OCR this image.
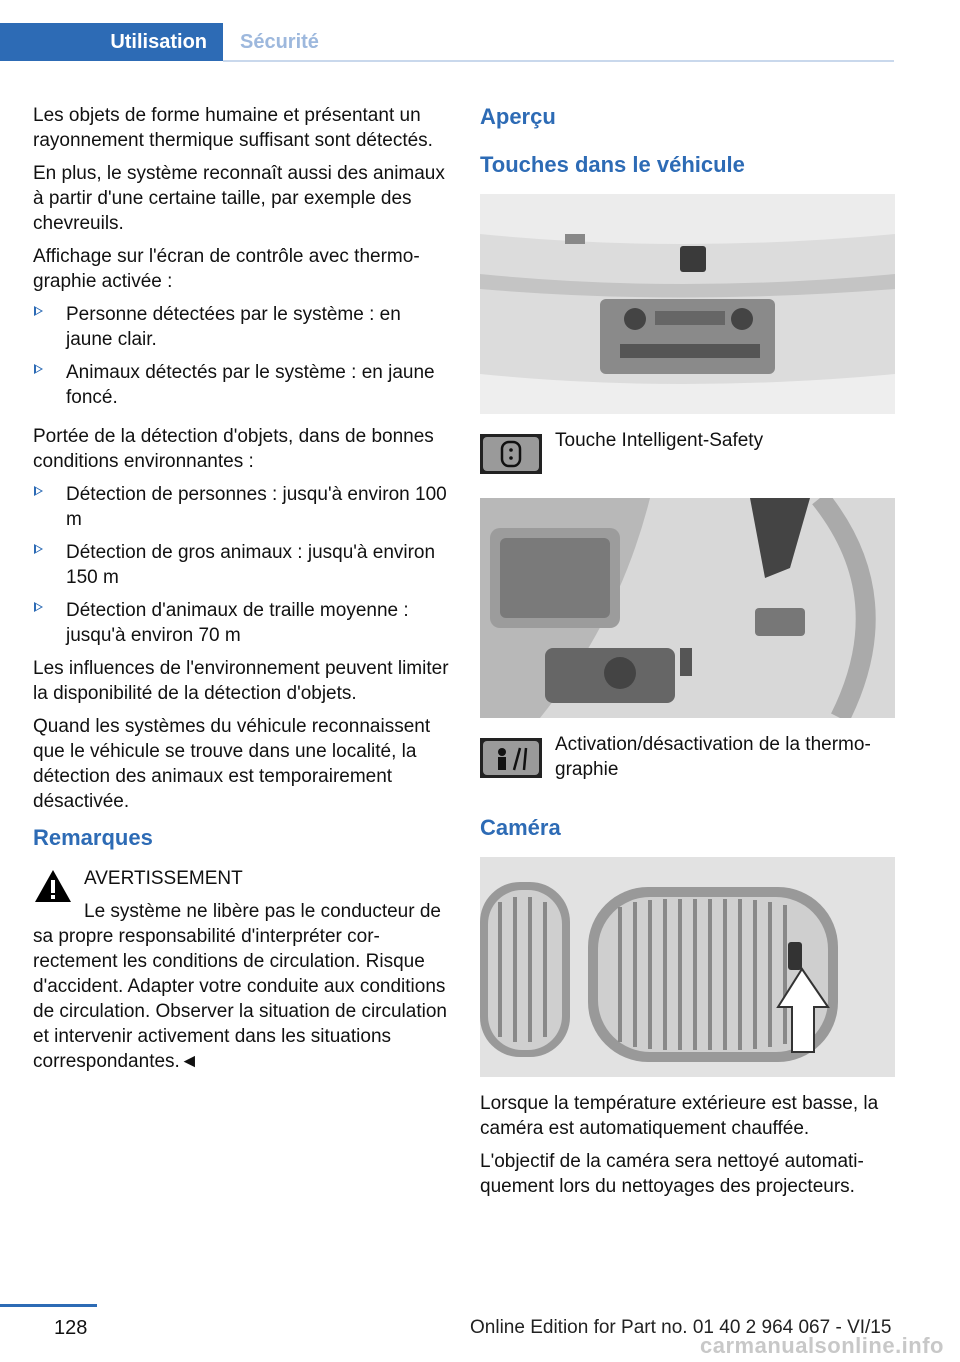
Utilisation	Sécurité

Les objets de forme humaine et présentant un rayonnement thermique suffisant sont détectés.

En plus, le système reconnaît aussi des animaux à partir d'une certaine taille, par exemple des chevreuils.

Affichage sur l'écran de contrôle avec thermographie activée :

Personne détectées par le système : en jaune clair.
Animaux détectés par le système : en jaune foncé.

Portée de la détection d'objets, dans de bonnes conditions environnantes :

Détection de personnes : jusqu'à environ 100 m
Détection de gros animaux : jusqu'à environ 150 m
Détection d'animaux de traille moyenne : jusqu'à environ 70 m

Les influences de l'environnement peuvent limiter la disponibilité de la détection d'objets.

Quand les systèmes du véhicule reconnaissent que le véhicule se trouve dans une localité, la détection des animaux est temporairement désactivée.

Remarques

AVERTISSEMENT

Le système ne libère pas le conducteur de sa propre responsabilité d'interpréter correctement les conditions de circulation. Risque d'accident. Adapter votre conduite aux conditions de circulation. Observer la situation de circulation et intervenir activement dans les situations correspondantes.◄

Aperçu
Touches dans le véhicule
Touche Intelligent-Safety
Activation/désactivation de la thermographie
Caméra

Lorsque la température extérieure est basse, la caméra est automatiquement chauffée.

L'objectif de la caméra sera nettoyé automatiquement lors du nettoyages des projecteurs.

128	Online Edition for Part no. 01 40 2 964 067 - VI/15
carmanualsonline.info
